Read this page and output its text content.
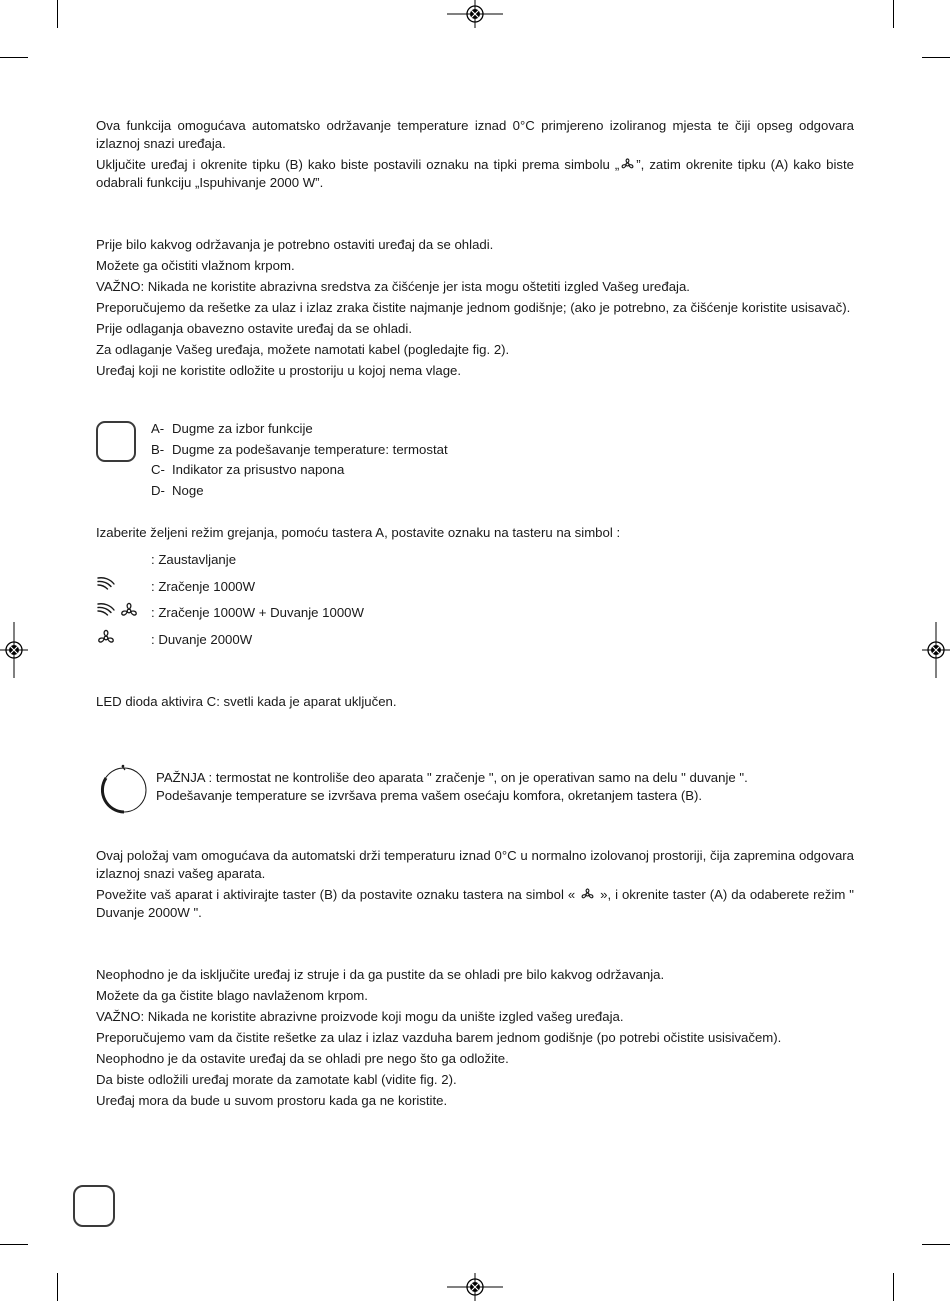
Ova funkcija omogućava automatsko održavanje temperature iznad 0°C primjereno izoliranog mjesta te čiji opseg odgovara izlaznoj snazi uređaja.

Uključite uređaj i okrenite tipku (B) kako biste postavili oznaku na tipki prema simbolu „ ”, zatim okrenite tipku (A) kako biste odabrali funkciju „Ispuhivanje 2000 W”.

Prije bilo kakvog održavanja je potrebno ostaviti uređaj da se ohladi.

Možete ga očistiti vlažnom krpom.

VAŽNO: Nikada ne koristite abrazivna sredstva za čišćenje jer ista mogu oštetiti izgled Vašeg uređaja.

Preporučujemo da rešetke za ulaz i izlaz zraka čistite najmanje jednom godišnje; (ako je potrebno, za čišćenje koristite usisavač).

Prije odlaganja obavezno ostavite uređaj da se ohladi.

Za odlaganje Vašeg uređaja, možete namotati kabel (pogledajte fig. 2).

Uređaj koji ne koristite odložite u prostoriju u kojoj nema vlage.

A- Dugme za izbor funkcije
B- Dugme za podešavanje temperature: termostat
C- Indikator za prisustvo napona
D- Noge
Izaberite željeni režim grejanja, pomoću tastera A, postavite oznaku na tasteru na simbol :
: Zaustavljanje
: Zračenje 1000W
: Zračenje 1000W + Duvanje 1000W
: Duvanje 2000W
LED dioda aktivira C: svetli kada je aparat uključen.
PAŽNJA : termostat ne kontroliše deo aparata " zračenje ", on je operativan samo na delu " duvanje ".
Podešavanje temperature se izvršava prema vašem osećaju komfora, okretanjem tastera (B).

Ovaj položaj vam omogućava da automatski drži temperaturu iznad 0°C u normalno izolovanoj prostoriji, čija zapremina odgovara izlaznoj snazi vašeg aparata.

Povežite vaš aparat i aktivirajte taster (B) da postavite oznaku tastera na simbol « », i okrenite taster (A) da odaberete režim " Duvanje 2000W ".

Neophodno je da isključite uređaj iz struje i da ga pustite da se ohladi pre bilo kakvog održavanja.

Možete da ga čistite blago navlaženom krpom.

VAŽNO: Nikada ne koristite abrazivne proizvode koji mogu da unište izgled vašeg uređaja.

Preporučujemo vam da čistite rešetke za ulaz i izlaz vazduha barem jednom godišnje (po potrebi očistite usisivačem).

Neophodno je da ostavite uređaj da se ohladi pre nego što ga odložite.

Da biste odložili uređaj morate da zamotate kabl (vidite fig. 2).

Uređaj mora da bude u suvom prostoru kada ga ne koristite.
